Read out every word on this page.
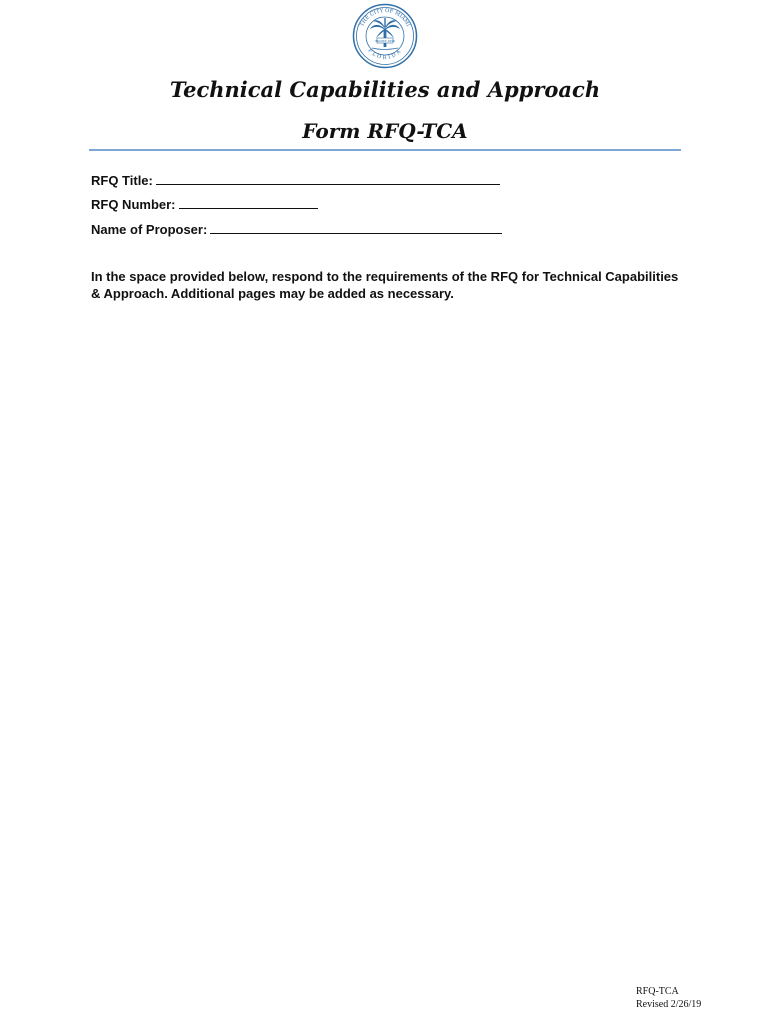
THE CITY OF MIAMI
FLORIDA
INCORP 1896
Technical Capabilities and Approach
Form RFQ-TCA
RFQ Title:
RFQ Number:
Name of Proposer:

In the space provided below, respond to the requirements of the RFQ for Technical Capabilities & Approach. Additional pages may be added as necessary.

RFQ-TCA
Revised 2/26/19
